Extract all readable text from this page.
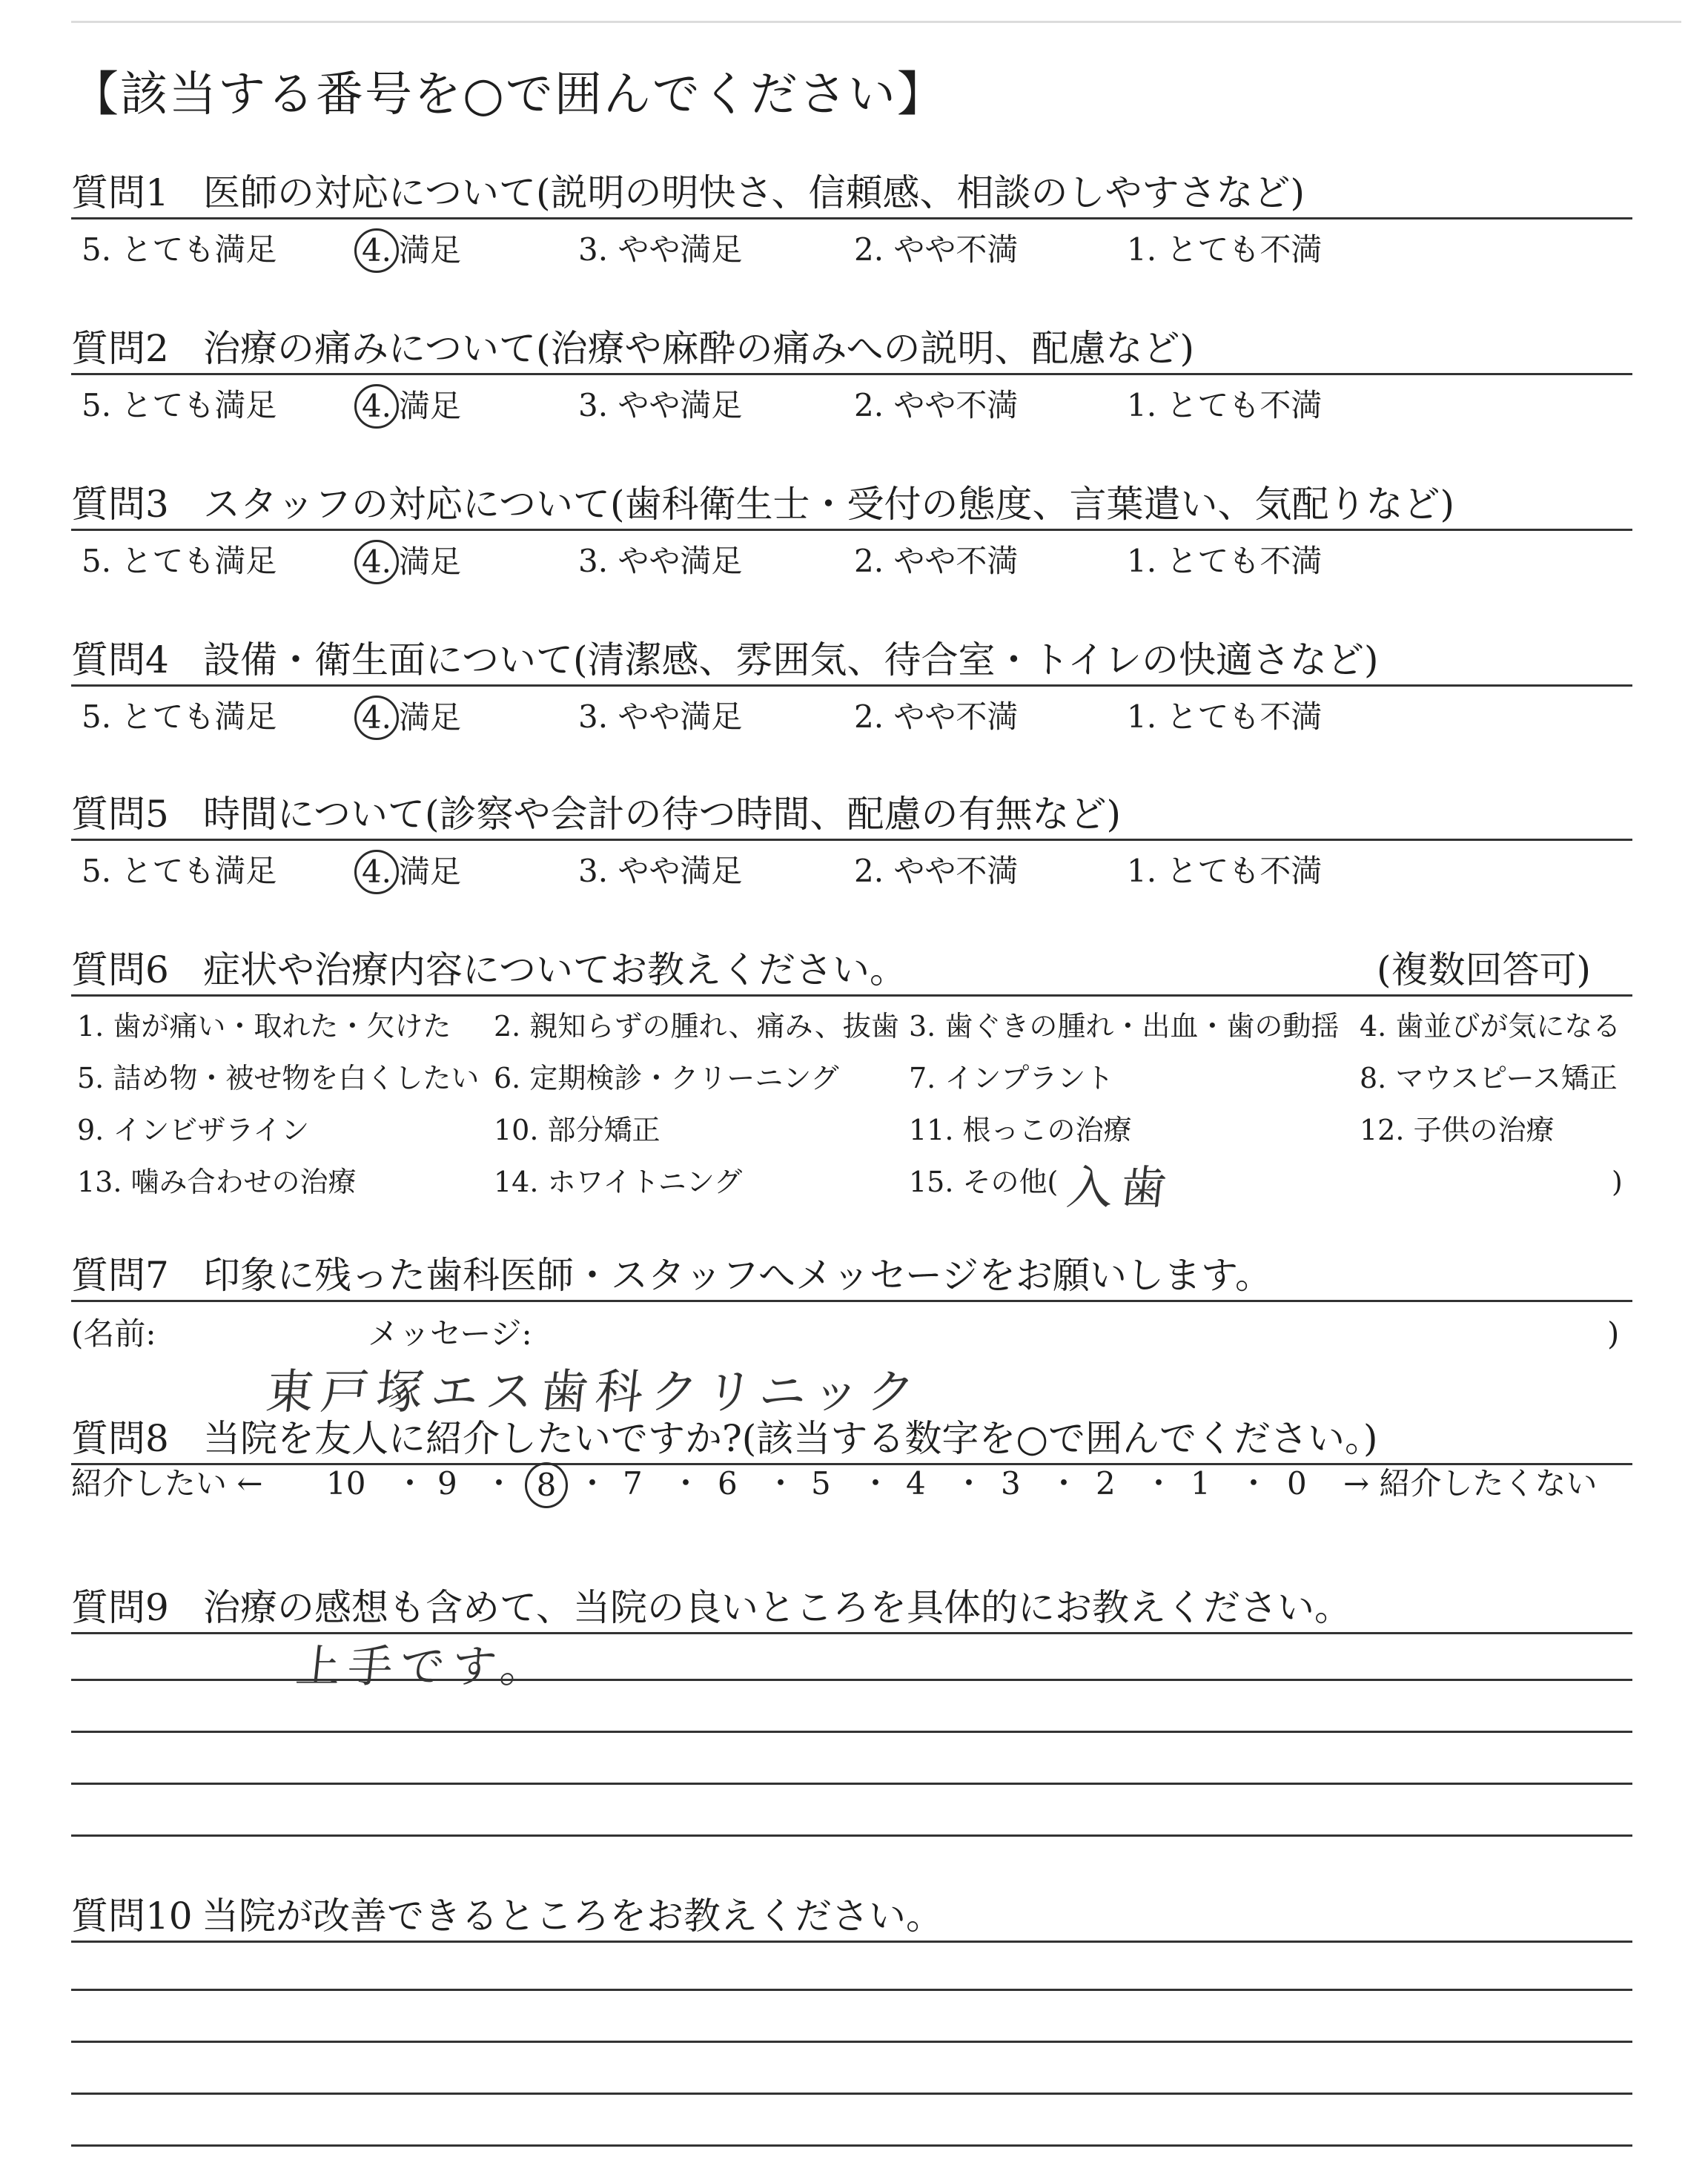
【該当する番号を○で囲んでください】
質問1 医師の対応について(説明の明快さ、信頼感、相談のしやすさなど)
5. とても満足	4. 満足	3. やや満足	2. やや不満	1. とても不満
質問2 治療の痛みについて(治療や麻酔の痛みへの説明、配慮など)
5. とても満足	4. 満足	3. やや満足	2. やや不満	1. とても不満
質問3 スタッフの対応について(歯科衛生士・受付の態度、言葉遣い、気配りなど)
5. とても満足	4. 満足	3. やや満足	2. やや不満	1. とても不満
質問4 設備・衛生面について(清潔感、雰囲気、待合室・トイレの快適さなど)
5. とても満足	4. 満足	3. やや満足	2. やや不満	1. とても不満
質問5 時間について(診察や会計の待つ時間、配慮の有無など)
5. とても満足	4. 満足	3. やや満足	2. やや不満	1. とても不満
質問6 症状や治療内容についてお教えください。	(複数回答可)
1. 歯が痛い・取れた・欠けた 2. 親知らずの腫れ、痛み、抜歯 3. 歯ぐきの腫れ・出血・歯の動揺 4. 歯並びが気になる
5. 詰め物・被せ物を白くしたい 6. 定期検診・クリーニング 7. インプラント	8. マウスピース矯正
9. インビザライン	10. 部分矯正	11. 根っこの治療	12. 子供の治療
13. 噛み合わせの治療	14. ホワイトニング	15. その他(	)
入歯
質問7 印象に残った歯科医師・スタッフへメッセージをお願いします。
(名前:	メッセージ:	)
東戸塚エス歯科クリニック
質問8 当院を友人に紹介したいですか?(該当する数字を○で囲んでください。)
紹介したい ← 10 ・ 9 ・ 8 ・ 7 ・ 6 ・ 5 ・ 4 ・ 3 ・ 2 ・ 1 ・ 0 → 紹介したくない
質問9 治療の感想も含めて、当院の良いところを具体的にお教えください。
上手です。
質問10 当院が改善できるところをお教えください。
